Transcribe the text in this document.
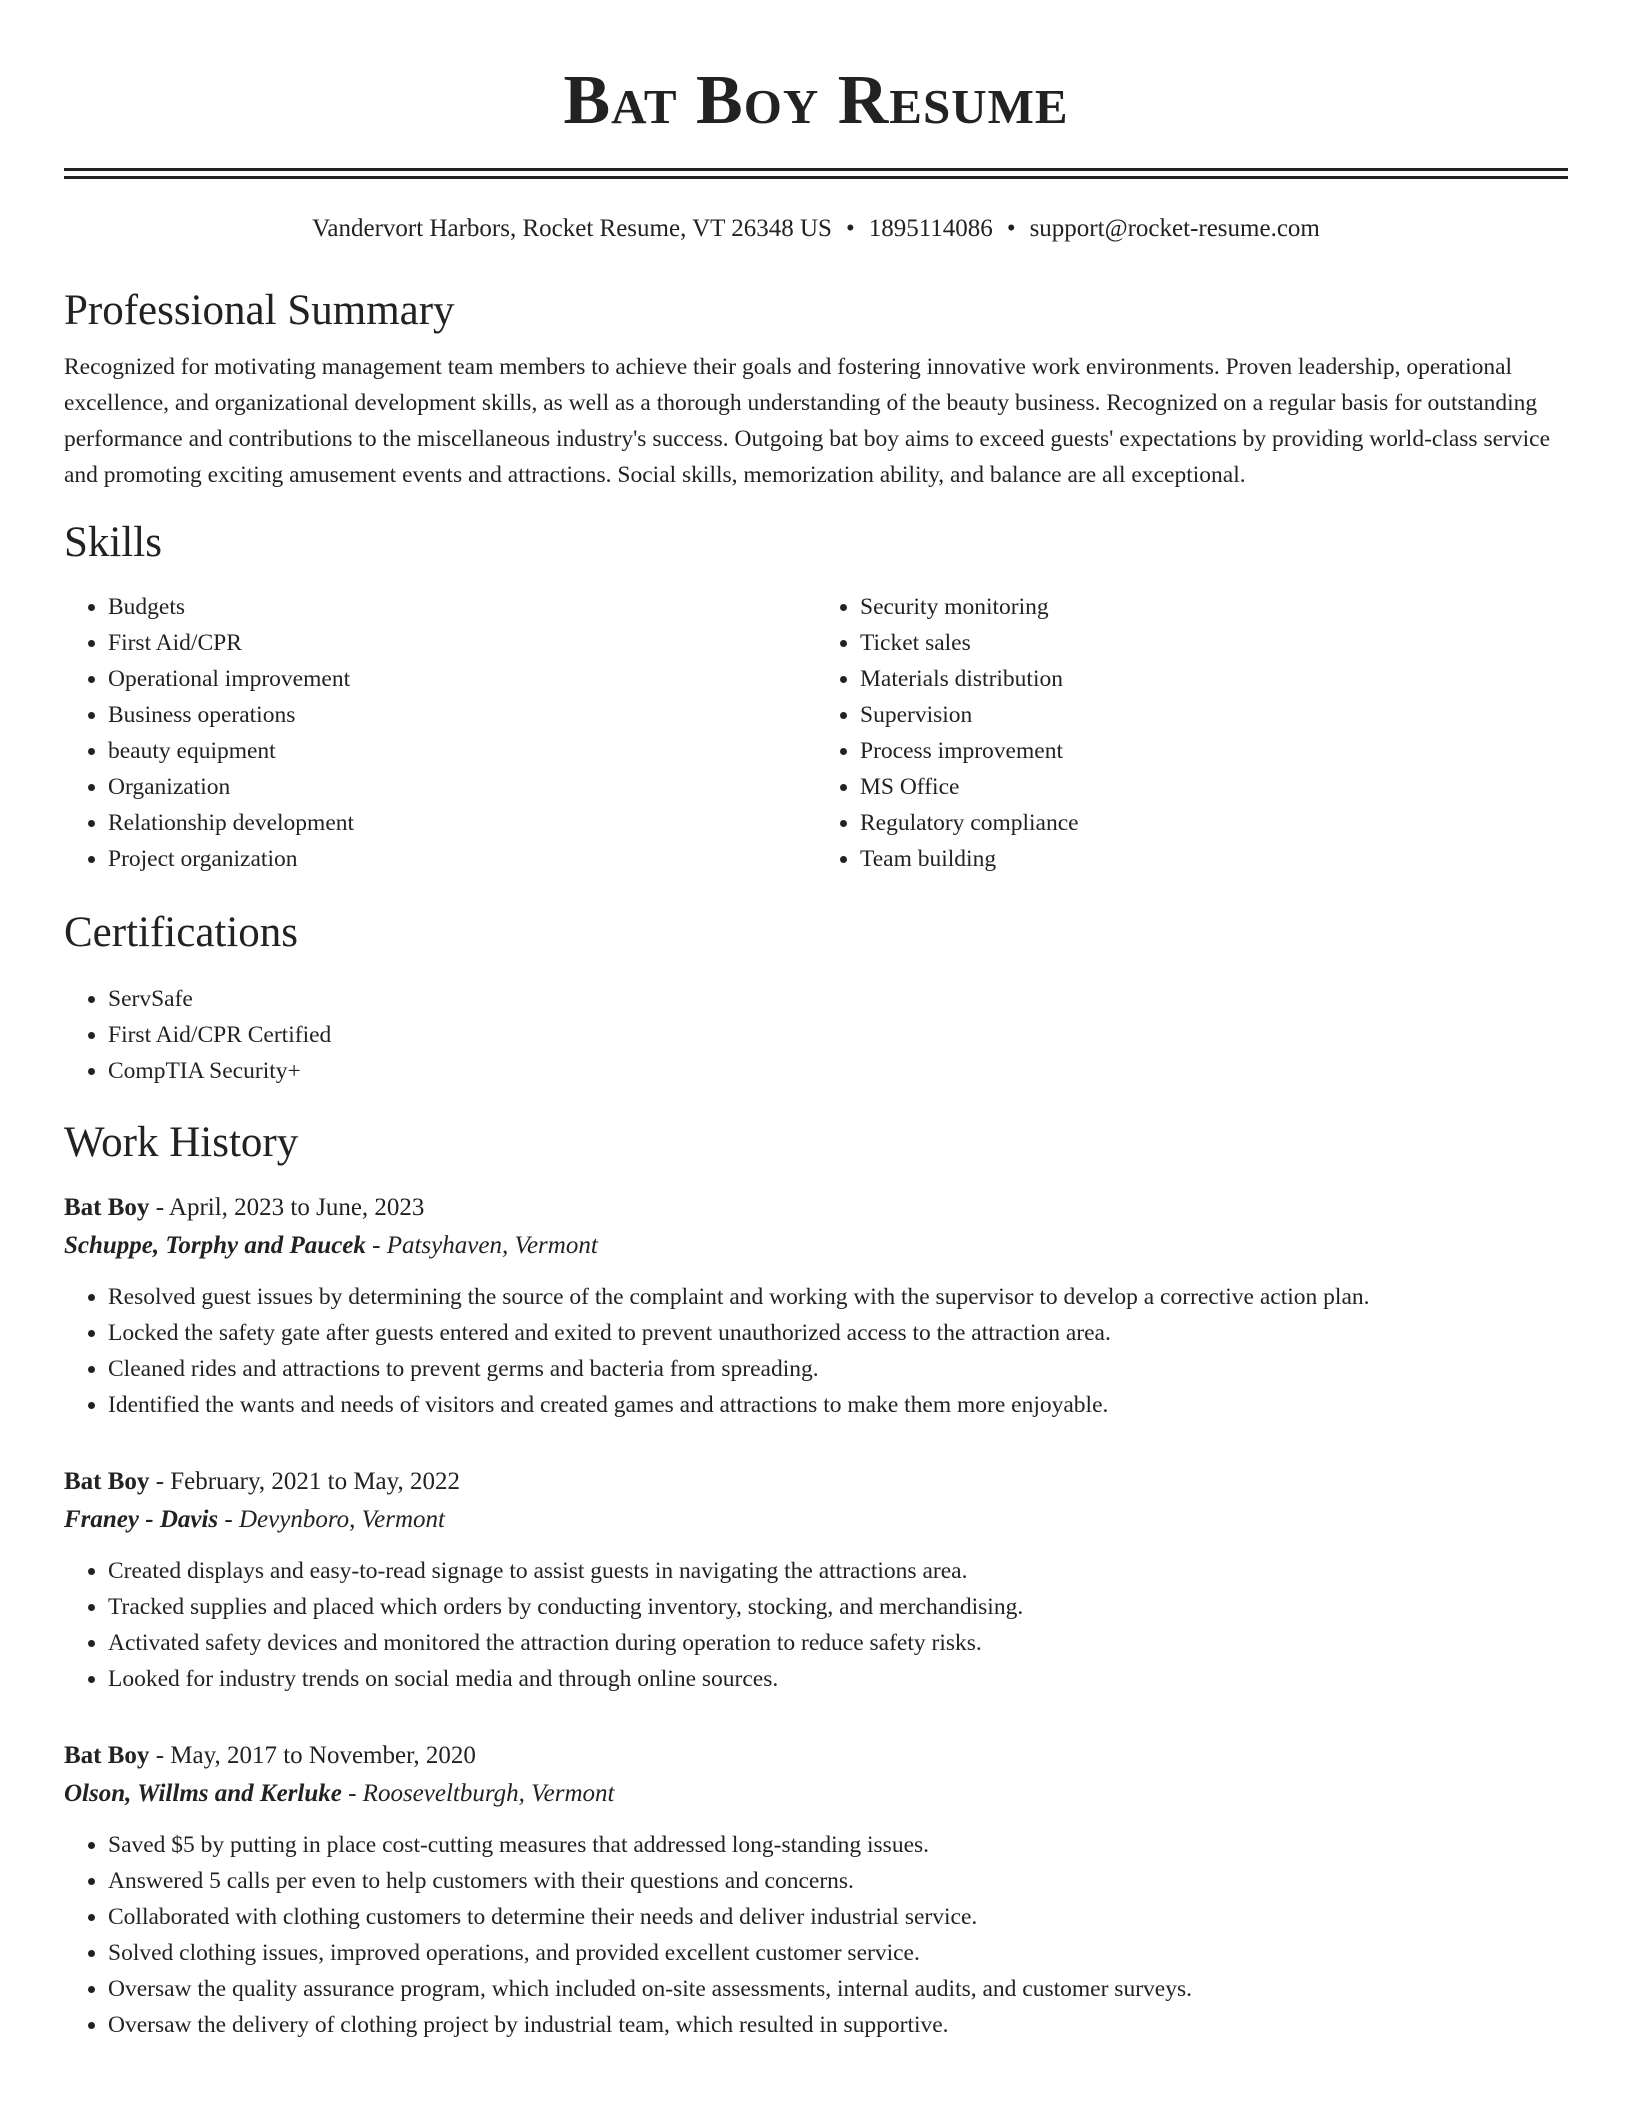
Bat Boy Resume
Vandervort Harbors, Rocket Resume, VT 26348 US • 1895114086 • support@rocket-resume.com
Professional Summary
Recognized for motivating management team members to achieve their goals and fostering innovative work environments. Proven leadership, operational excellence, and organizational development skills, as well as a thorough understanding of the beauty business. Recognized on a regular basis for outstanding performance and contributions to the miscellaneous industry's success. Outgoing bat boy aims to exceed guests' expectations by providing world-class service and promoting exciting amusement events and attractions. Social skills, memorization ability, and balance are all exceptional.
Skills
• Budgets
• First Aid/CPR
• Operational improvement
• Business operations
• beauty equipment
• Organization
• Relationship development
• Project organization
• Security monitoring
• Ticket sales
• Materials distribution
• Supervision
• Process improvement
• MS Office
• Regulatory compliance
• Team building
Certifications
• ServSafe
• First Aid/CPR Certified
• CompTIA Security+
Work History
Bat Boy - April, 2023 to June, 2023
Schuppe, Torphy and Paucek - Patsyhaven, Vermont
• Resolved guest issues by determining the source of the complaint and working with the supervisor to develop a corrective action plan.
• Locked the safety gate after guests entered and exited to prevent unauthorized access to the attraction area.
• Cleaned rides and attractions to prevent germs and bacteria from spreading.
• Identified the wants and needs of visitors and created games and attractions to make them more enjoyable.
Bat Boy - February, 2021 to May, 2022
Franey - Davis - Devynboro, Vermont
• Created displays and easy-to-read signage to assist guests in navigating the attractions area.
• Tracked supplies and placed which orders by conducting inventory, stocking, and merchandising.
• Activated safety devices and monitored the attraction during operation to reduce safety risks.
• Looked for industry trends on social media and through online sources.
Bat Boy - May, 2017 to November, 2020
Olson, Willms and Kerluke - Rooseveltburgh, Vermont
• Saved $5 by putting in place cost-cutting measures that addressed long-standing issues.
• Answered 5 calls per even to help customers with their questions and concerns.
• Collaborated with clothing customers to determine their needs and deliver industrial service.
• Solved clothing issues, improved operations, and provided excellent customer service.
• Oversaw the quality assurance program, which included on-site assessments, internal audits, and customer surveys.
• Oversaw the delivery of clothing project by industrial team, which resulted in supportive.
